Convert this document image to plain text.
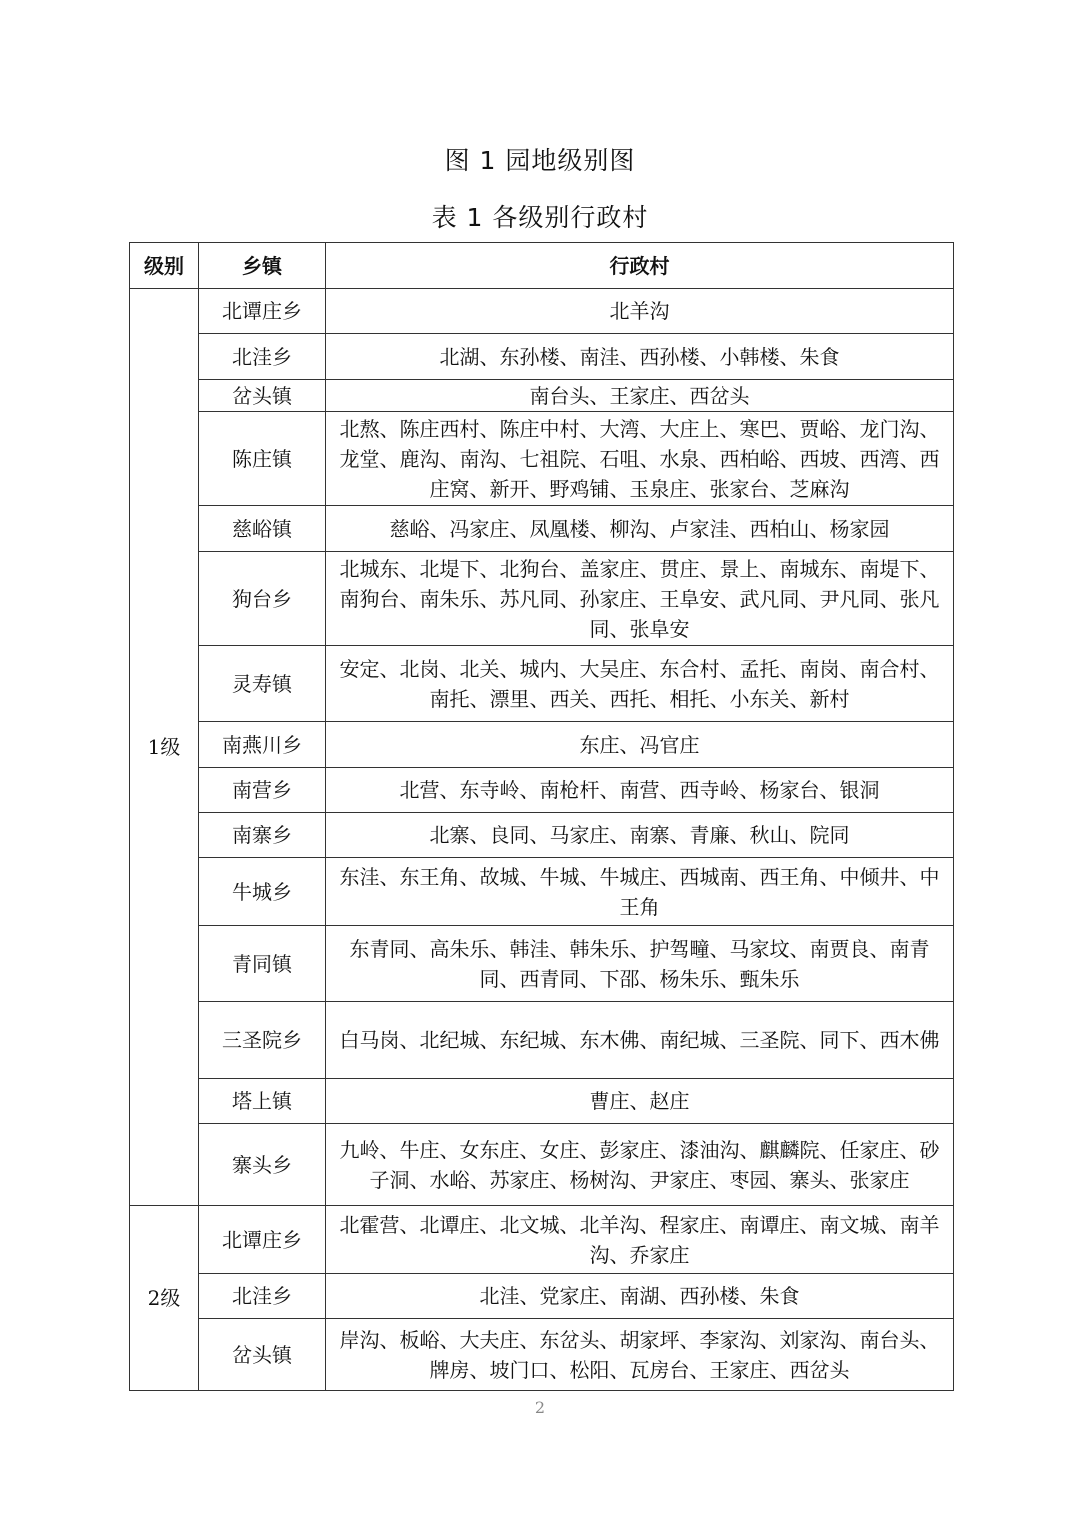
图 1 园地级别图
表 1 各级别行政村
级别	乡镇	行政村
1级	北谭庄乡	北羊沟
	北洼乡	北湖、东孙楼、南洼、西孙楼、小韩楼、朱食
	岔头镇	南台头、王家庄、西岔头
	陈庄镇	北熬、陈庄西村、陈庄中村、大湾、大庄上、寒巴、贾峪、龙门沟、龙堂、鹿沟、南沟、七祖院、石咀、水泉、西柏峪、西坡、西湾、西庄窝、新开、野鸡铺、玉泉庄、张家台、芝麻沟
	慈峪镇	慈峪、冯家庄、凤凰楼、柳沟、卢家洼、西柏山、杨家园
	狗台乡	北城东、北堤下、北狗台、盖家庄、贯庄、景上、南城东、南堤下、南狗台、南朱乐、苏凡同、孙家庄、王阜安、武凡同、尹凡同、张凡同、张阜安
	灵寿镇	安定、北岗、北关、城内、大吴庄、东合村、孟托、南岗、南合村、南托、漂里、西关、西托、相托、小东关、新村
	南燕川乡	东庄、冯官庄
	南营乡	北营、东寺岭、南枪杆、南营、西寺岭、杨家台、银洞
	南寨乡	北寨、良同、马家庄、南寨、青廉、秋山、院同
	牛城乡	东洼、东王角、故城、牛城、牛城庄、西城南、西王角、中倾井、中王角
	青同镇	东青同、高朱乐、韩洼、韩朱乐、护驾疃、马家坟、南贾良、南青同、西青同、下邵、杨朱乐、甄朱乐
	三圣院乡	白马岗、北纪城、东纪城、东木佛、南纪城、三圣院、同下、西木佛
	塔上镇	曹庄、赵庄
	寨头乡	九岭、牛庄、女东庄、女庄、彭家庄、漆油沟、麒麟院、任家庄、砂子洞、水峪、苏家庄、杨树沟、尹家庄、枣园、寨头、张家庄
2级	北谭庄乡	北霍营、北谭庄、北文城、北羊沟、程家庄、南谭庄、南文城、南羊沟、乔家庄
	北洼乡	北洼、党家庄、南湖、西孙楼、朱食
	岔头镇	岸沟、板峪、大夫庄、东岔头、胡家坪、李家沟、刘家沟、南台头、牌房、坡门口、松阳、瓦房台、王家庄、西岔头
2
